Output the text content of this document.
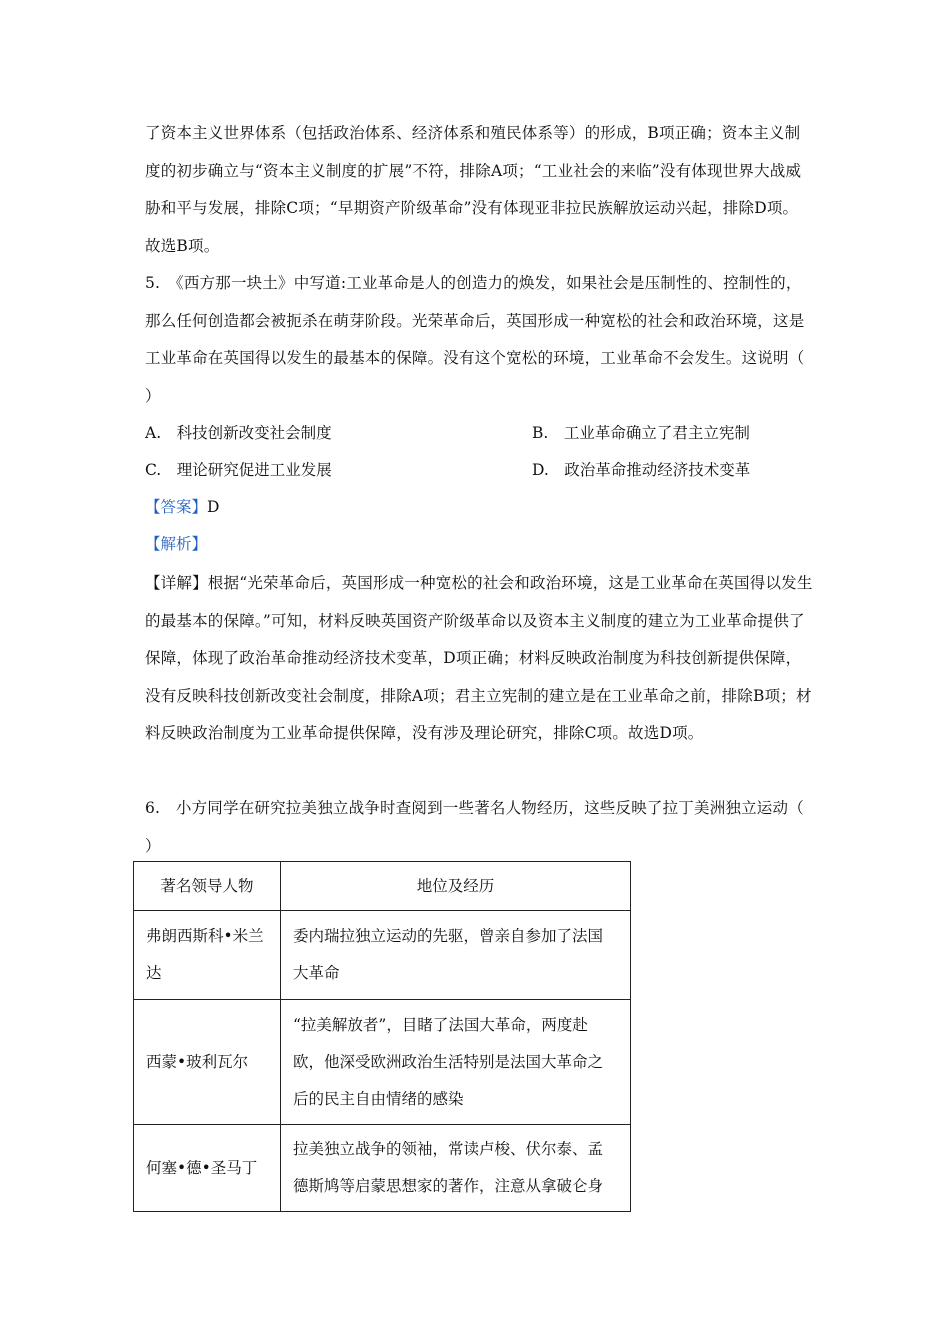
了资本主义世界体系（包括政治体系、经济体系和殖民体系等）的形成，B项正确；资本主义制度的初步确立与“资本主义制度的扩展”不符，排除A项；“工业社会的来临”没有体现世界大战威胁和平与发展，排除C项；“早期资产阶级革命”没有体现亚非拉民族解放运动兴起，排除D项。故选B项。
5.　《西方那一块土》中写道:工业革命是人的创造力的焕发，如果社会是压制性的、控制性的，那么任何创造都会被扼杀在萌芽阶段。光荣革命后，英国形成一种宽松的社会和政治环境，这是工业革命在英国得以发生的最基本的保障。没有这个宽松的环境，工业革命不会发生。这说明（　　）
A.　科技创新改变社会制度	B.　工业革命确立了君主立宪制
C.　理论研究促进工业发展	D.　政治革命推动经济技术变革
【答案】D
【解析】
【详解】根据“光荣革命后，英国形成一种宽松的社会和政治环境，这是工业革命在英国得以发生的最基本的保障。”可知，材料反映英国资产阶级革命以及资本主义制度的建立为工业革命提供了保障，体现了政治革命推动经济技术变革，D项正确；材料反映政治制度为科技创新提供保障，没有反映科技创新改变社会制度，排除A项；君主立宪制的建立是在工业革命之前，排除B项；材料反映政治制度为工业革命提供保障，没有涉及理论研究，排除C项。故选D项。
6.　小方同学在研究拉美独立战争时查阅到一些著名人物经历，这些反映了拉丁美洲独立运动（　　）
著名领导人物	地位及经历
弗朗西斯科•米兰达	委内瑞拉独立运动的先驱，曾亲自参加了法国大革命
西蒙•玻利瓦尔	“拉美解放者”，目睹了法国大革命，两度赴欧，他深受欧洲政治生活特别是法国大革命之后的民主自由情绪的感染
何塞•德•圣马丁	拉美独立战争的领袖，常读卢梭、伏尔泰、孟德斯鸠等启蒙思想家的著作，注意从拿破仑身
